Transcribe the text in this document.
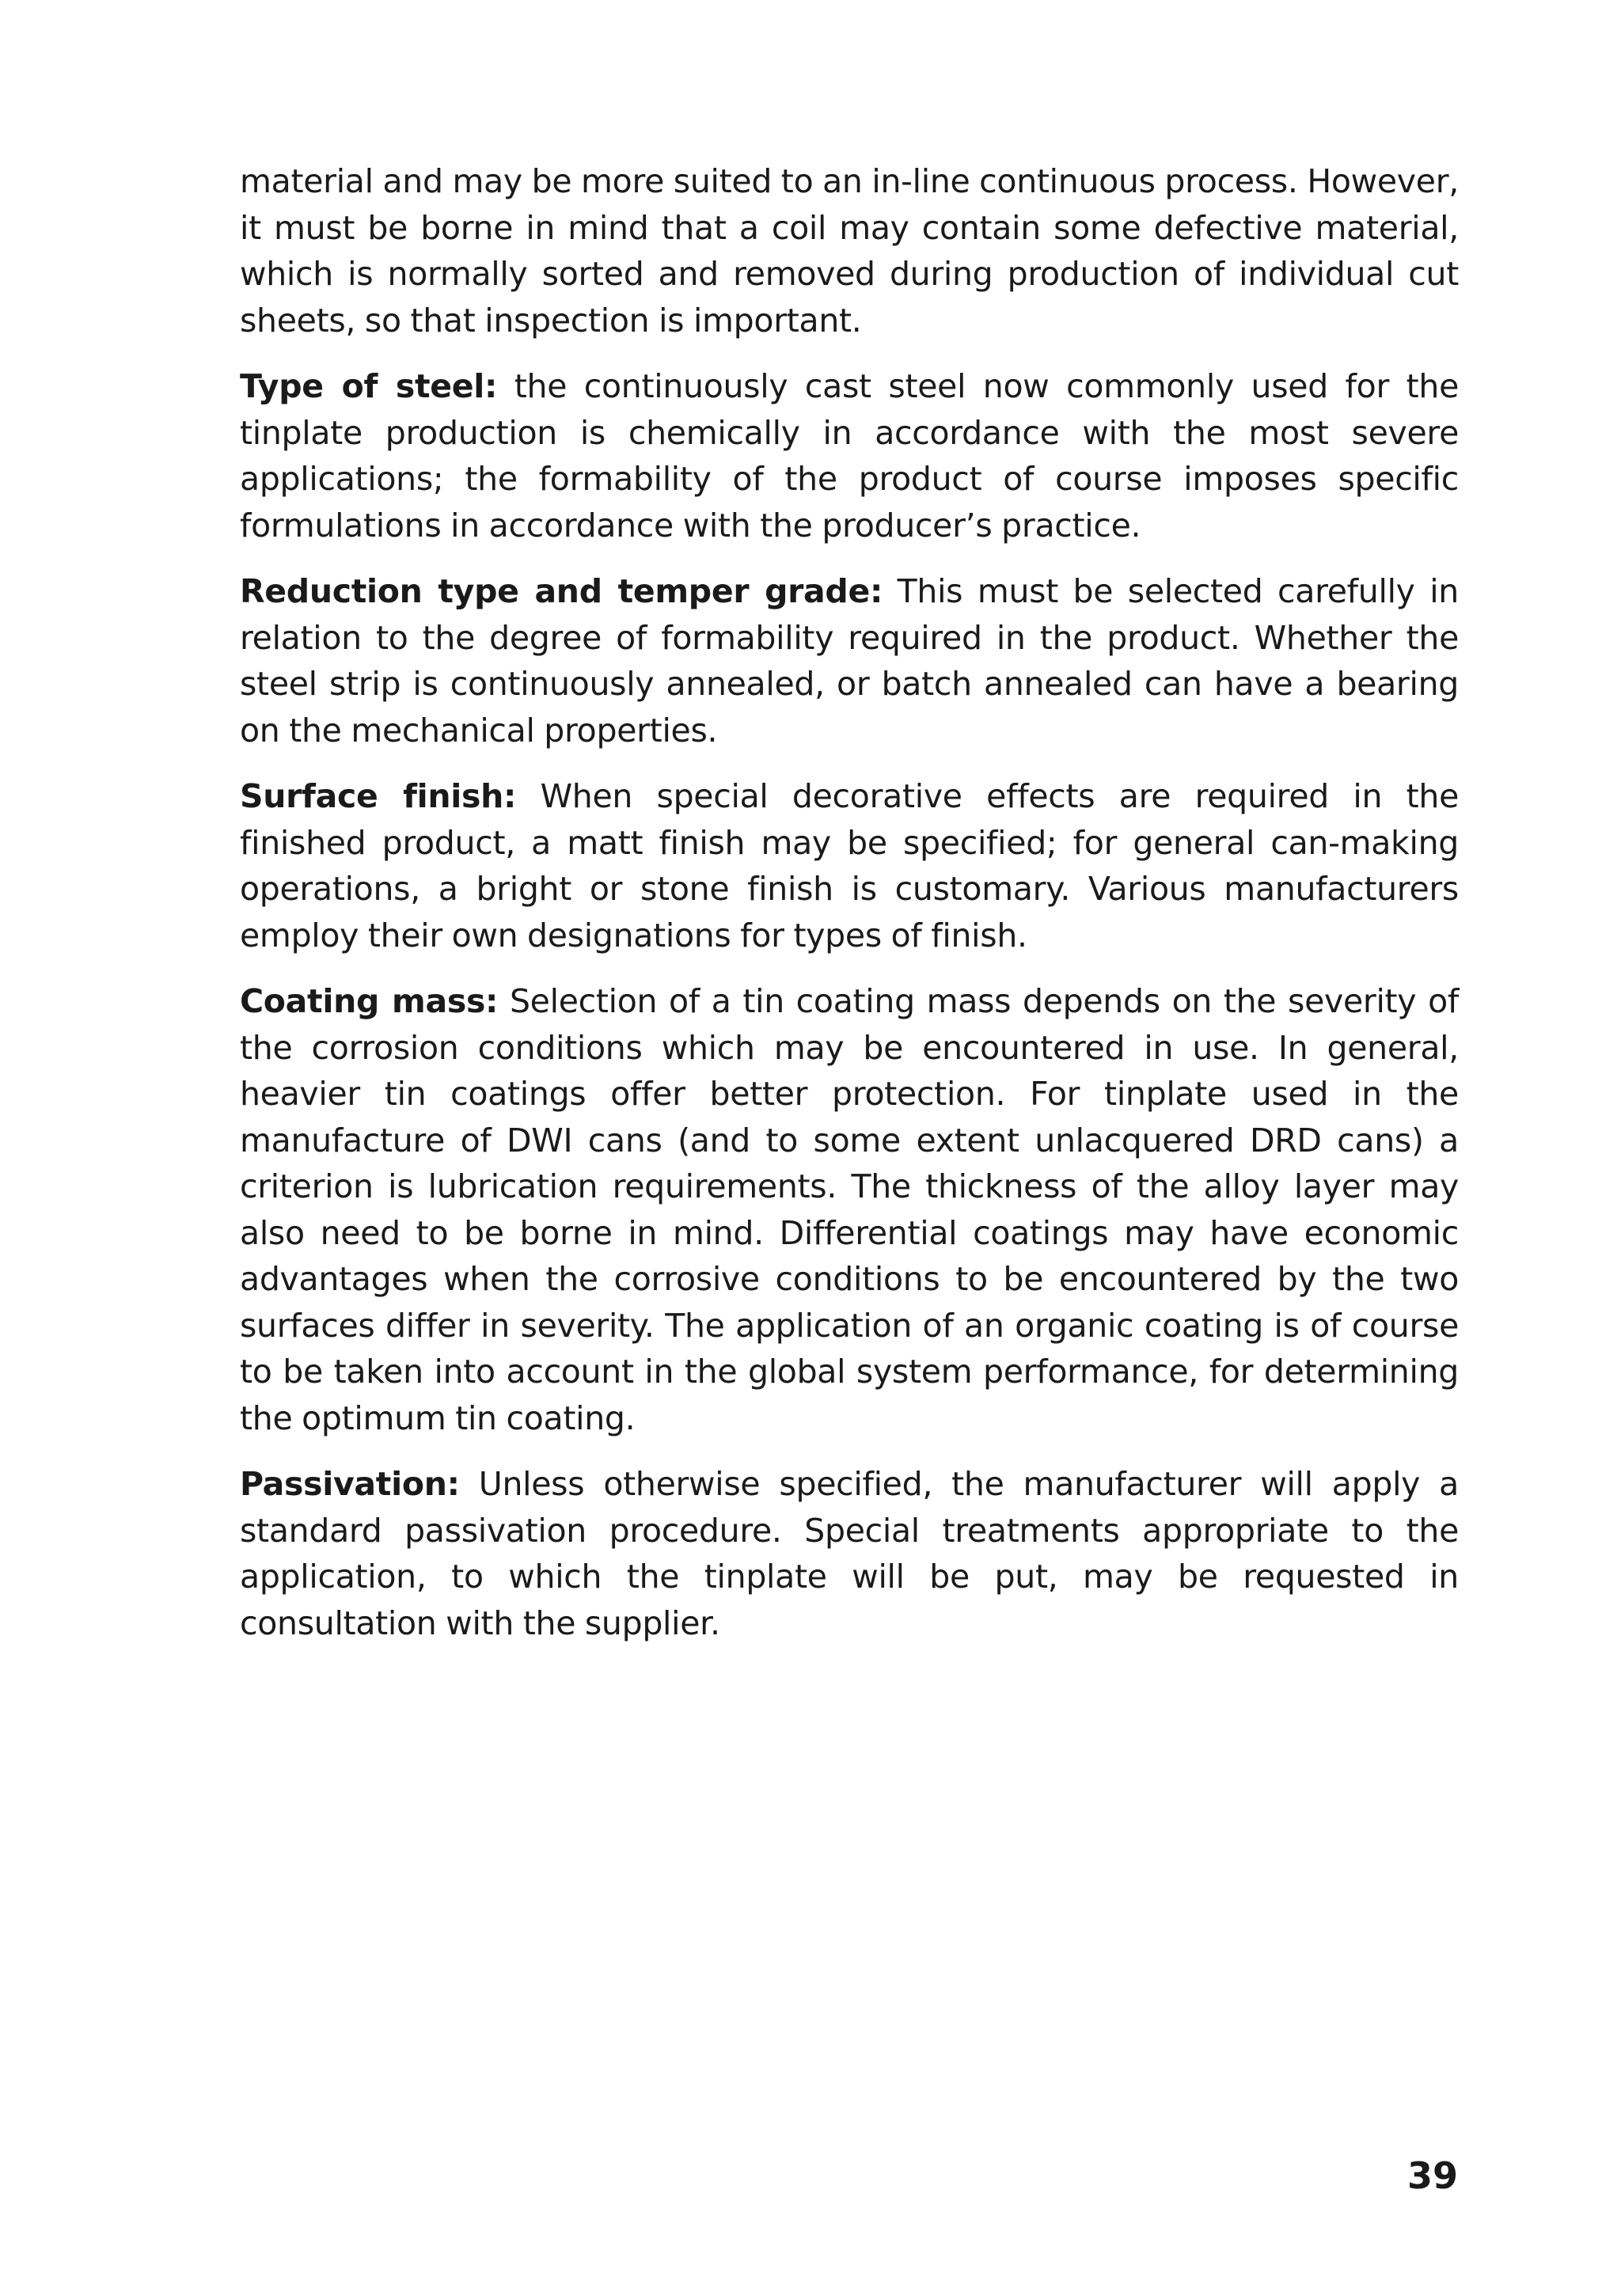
material and may be more suited to an in-line continuous process. However, it must be borne in mind that a coil may contain some defective material, which is normally sorted and removed during production of individual cut sheets, so that inspection is important.

Type of steel: the continuously cast steel now commonly used for the tinplate production is chemically in accordance with the most severe applications; the formability of the product of course imposes specific formulations in accordance with the producer’s practice.

Reduction type and temper grade: This must be selected carefully in relation to the degree of formability required in the product. Whether the steel strip is continuously annealed, or batch annealed can have a bearing on the mechanical properties.

Surface finish: When special decorative effects are required in the finished product, a matt finish may be specified; for general can-making operations, a bright or stone finish is customary. Various manufacturers employ their own designations for types of finish.

Coating mass: Selection of a tin coating mass depends on the severity of the corrosion conditions which may be encountered in use. In general, heavier tin coatings offer better protection. For tinplate used in the manufacture of DWI cans (and to some extent unlacquered DRD cans) a criterion is lubrication requirements. The thickness of the alloy layer may also need to be borne in mind. Differential coatings may have economic advantages when the corrosive conditions to be encountered by the two surfaces differ in severity. The application of an organic coating is of course to be taken into account in the global system performance, for determining the optimum tin coating.

Passivation: Unless otherwise specified, the manufacturer will apply a standard passivation procedure. Special treatments appropriate to the application, to which the tinplate will be put, may be requested in consultation with the supplier.

39
